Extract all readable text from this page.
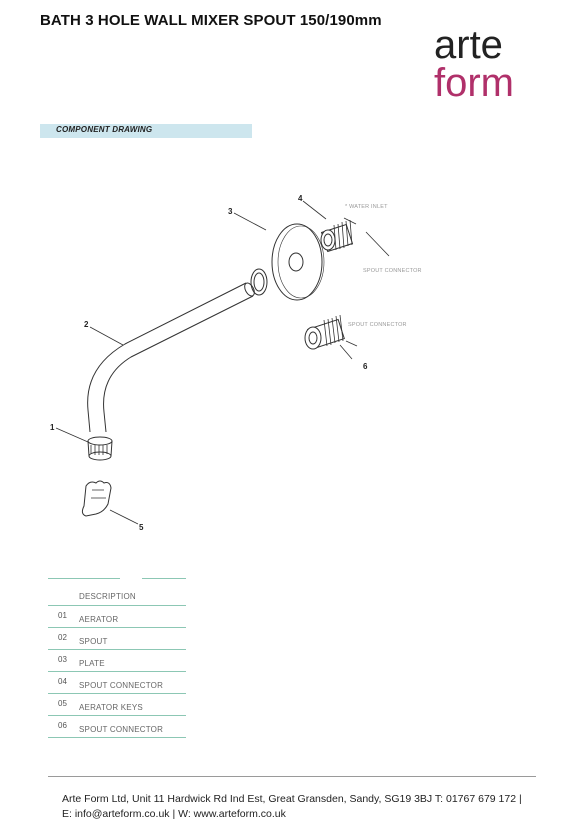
BATH 3 HOLE WALL MIXER SPOUT 150/190mm
arte
form
COMPONENT DRAWING
1
2
3
4
5
6
* WATER INLET
SPOUT CONNECTOR
SPOUT CONNECTOR
DESCRIPTION
01 AERATOR
02 SPOUT
03 PLATE
04 SPOUT CONNECTOR
05 AERATOR KEYS
06 SPOUT CONNECTOR
Arte Form Ltd, Unit 11 Hardwick Rd Ind Est, Great Gransden, Sandy, SG19 3BJ T: 01767 679 172 |
E: info@arteform.co.uk | W: www.arteform.co.uk
